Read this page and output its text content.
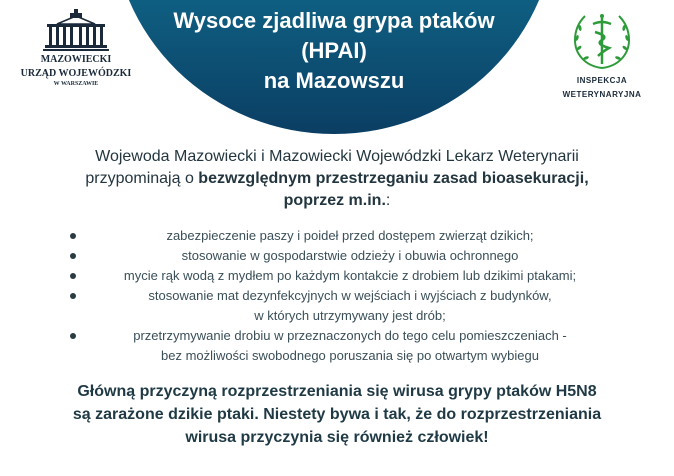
Wysoce zjadliwa grypa ptaków
(HPAI)
na Mazowszu
MAZOWIECKI
URZĄD WOJEWÓDZKI
W WARSZAWIE	INSPEKCJA
WETERYNARYJNA
Wojewoda Mazowiecki i Mazowiecki Wojewódzki Lekarz Weterynarii
przypominają o bezwzględnym przestrzeganiu zasad bioasekuracji,
poprzez m.in.:
zabezpieczenie paszy i poideł przed dostępem zwierząt dzikich;
stosowanie w gospodarstwie odzieży i obuwia ochronnego
mycie rąk wodą z mydłem po każdym kontakcie z drobiem lub dzikimi ptakami;
stosowanie mat dezynfekcyjnych w wejściach i wyjściach z budynków,
w których utrzymywany jest drób;
przetrzymywanie drobiu w przeznaczonych do tego celu pomieszczeniach -
bez możliwości swobodnego poruszania się po otwartym wybiegu
Główną przyczyną rozprzestrzeniania się wirusa grypy ptaków H5N8
są zarażone dzikie ptaki. Niestety bywa i tak, że do rozprzestrzeniania
wirusa przyczynia się również człowiek!
